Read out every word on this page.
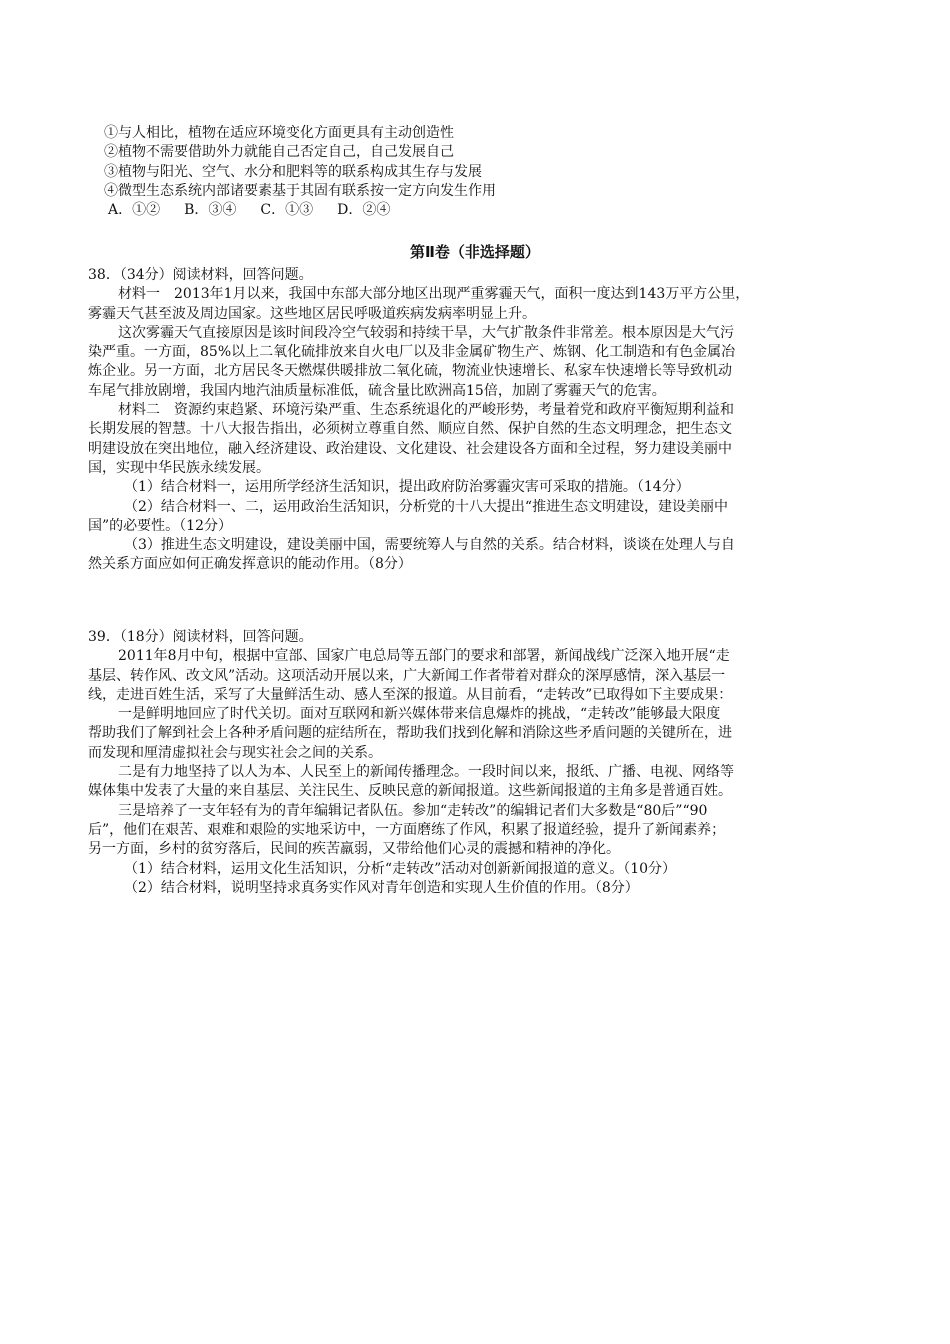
①与人相比，植物在适应环境变化方面更具有主动创造性
②植物不需要借助外力就能自己否定自己，自己发展自己
③植物与阳光、空气、水分和肥料等的联系构成其生存与发展
④微型生态系统内部诸要素基于其固有联系按一定方向发生作用
A．①② B．③④ C．①③ D．②④
第Ⅱ卷（非选择题）
38．（34分）阅读材料，回答问题。
材料一　2013年1月以来，我国中东部大部分地区出现严重雾霾天气，面积一度达到143万平方公里，
雾霾天气甚至波及周边国家。这些地区居民呼吸道疾病发病率明显上升。
这次雾霾天气直接原因是该时间段冷空气较弱和持续干旱，大气扩散条件非常差。根本原因是大气污
染严重。一方面，85%以上二氧化硫排放来自火电厂以及非金属矿物生产、炼钢、化工制造和有色金属冶
炼企业。另一方面，北方居民冬天燃煤供暖排放二氧化硫，物流业快速增长、私家车快速增长等导致机动
车尾气排放剧增，我国内地汽油质量标准低，硫含量比欧洲高15倍，加剧了雾霾天气的危害。
材料二　资源约束趋紧、环境污染严重、生态系统退化的严峻形势，考量着党和政府平衡短期利益和
长期发展的智慧。十八大报告指出，必须树立尊重自然、顺应自然、保护自然的生态文明理念，把生态文
明建设放在突出地位，融入经济建设、政治建设、文化建设、社会建设各方面和全过程，努力建设美丽中
国，实现中华民族永续发展。
（1）结合材料一，运用所学经济生活知识，提出政府防治雾霾灾害可采取的措施。（14分）
（2）结合材料一、二，运用政治生活知识，分析党的十八大提出“推进生态文明建设，建设美丽中
国”的必要性。（12分）
（3）推进生态文明建设，建设美丽中国，需要统筹人与自然的关系。结合材料，谈谈在处理人与自
然关系方面应如何正确发挥意识的能动作用。（8分）
39．（18分）阅读材料，回答问题。
2011年8月中旬，根据中宣部、国家广电总局等五部门的要求和部署，新闻战线广泛深入地开展“走
基层、转作风、改文风”活动。这项活动开展以来，广大新闻工作者带着对群众的深厚感情，深入基层一
线，走进百姓生活，采写了大量鲜活生动、感人至深的报道。从目前看，“走转改”已取得如下主要成果：
一是鲜明地回应了时代关切。面对互联网和新兴媒体带来信息爆炸的挑战，“走转改”能够最大限度
帮助我们了解到社会上各种矛盾问题的症结所在，帮助我们找到化解和消除这些矛盾问题的关键所在，进
而发现和厘清虚拟社会与现实社会之间的关系。
二是有力地坚持了以人为本、人民至上的新闻传播理念。一段时间以来，报纸、广播、电视、网络等
媒体集中发表了大量的来自基层、关注民生、反映民意的新闻报道。这些新闻报道的主角多是普通百姓。
三是培养了一支年轻有为的青年编辑记者队伍。参加“走转改”的编辑记者们大多数是“80后”“90
后”，他们在艰苦、艰难和艰险的实地采访中，一方面磨练了作风，积累了报道经验，提升了新闻素养；
另一方面，乡村的贫穷落后，民间的疾苦羸弱，又带给他们心灵的震撼和精神的净化。
（1）结合材料，运用文化生活知识，分析“走转改”活动对创新新闻报道的意义。（10分）
（2）结合材料，说明坚持求真务实作风对青年创造和实现人生价值的作用。（8分）
